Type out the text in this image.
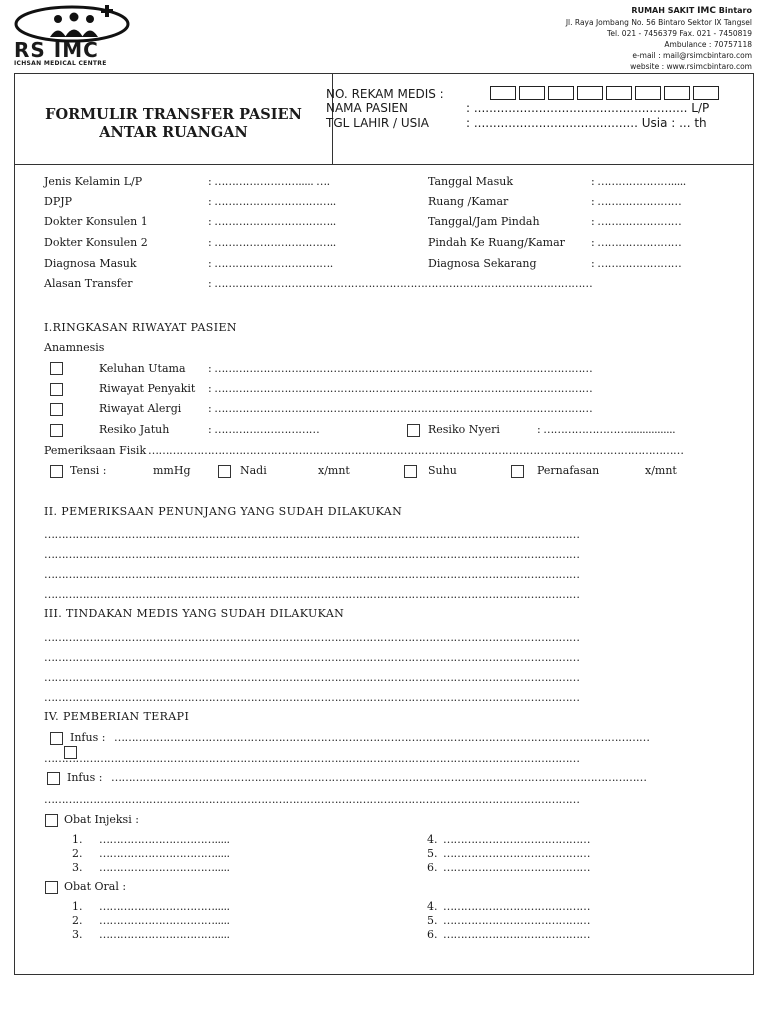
RS IMC
ICHSAN MEDICAL CENTRE
RUMAH SAKIT IMC Bintaro
Jl. Raya Jombang No. 56 Bintaro Sektor IX Tangsel
Tel. 021 - 7456379 Fax. 021 - 7450819
Ambulance : 70757118
e-mail : mail@rsimcbintaro.com
website : www.rsimcbintaro.com
FORMULIR TRANSFER PASIEN
ANTAR RUANGAN
NO. REKAM MEDIS :
NAMA PASIEN	: ........................................................ L/P
TGL LAHIR / USIA	: ........................................... Usia : ... th
Jenis Kelamin L/P	: ……………………..... ….	Tanggal Masuk	: ………………….....
DPJP	: ……………………………..	Ruang /Kamar	: ……………………
Dokter Konsulen 1	: ……………………………..	Tanggal/Jam Pindah	: ……………………
Dokter Konsulen 2	: ……………………………..	Pindah Ke Ruang/Kamar : ……………………
Diagnosa Masuk	: …………………………….	Diagnosa Sekarang	: ……………………
Alasan Transfer	: ………………………………………………………………………………………………
I.RINGKASAN RIWAYAT PASIEN
Anamnesis
Keluhan Utama : ………………………………………………………………………………………………
Riwayat Penyakit : ………………………………………………………………………………………………
Riwayat Alergi : ………………………………………………………………………………………………
Resiko Jatuh	: …………………………	Resiko Nyeri	: ……………………................
Pemeriksaan Fisik ………………………………………………………………………………………………………………………………………
Tensi :	mmHg	Nadi	x/mnt	Suhu	Pernafasan	x/mnt
II. PEMERIKSAAN PENUNJANG YANG SUDAH DILAKUKAN
………………………………………………………………………………………………………………………………………
………………………………………………………………………………………………………………………………………
………………………………………………………………………………………………………………………………………
………………………………………………………………………………………………………………………………………
III. TINDAKAN MEDIS YANG SUDAH DILAKUKAN
………………………………………………………………………………………………………………………………………
………………………………………………………………………………………………………………………………………
………………………………………………………………………………………………………………………………………
………………………………………………………………………………………………………………………………………
IV. PEMBERIAN TERAPI
Infus : ………………………………………………………………………………………………………………………………………
………………………………………………………………………………………………………………………………………
Infus : ………………………………………………………………………………………………………………………………………
………………………………………………………………………………………………………………………………………
Obat Injeksi :
1. …………………………….....	4. ……………………………………
2. …………………………….....	5. ……………………………………
3. …………………………….....	6. ……………………………………
Obat Oral :
1. …………………………….....	4. ……………………………………
2. …………………………….....	5. ……………………………………
3. …………………………….....	6. ……………………………………
